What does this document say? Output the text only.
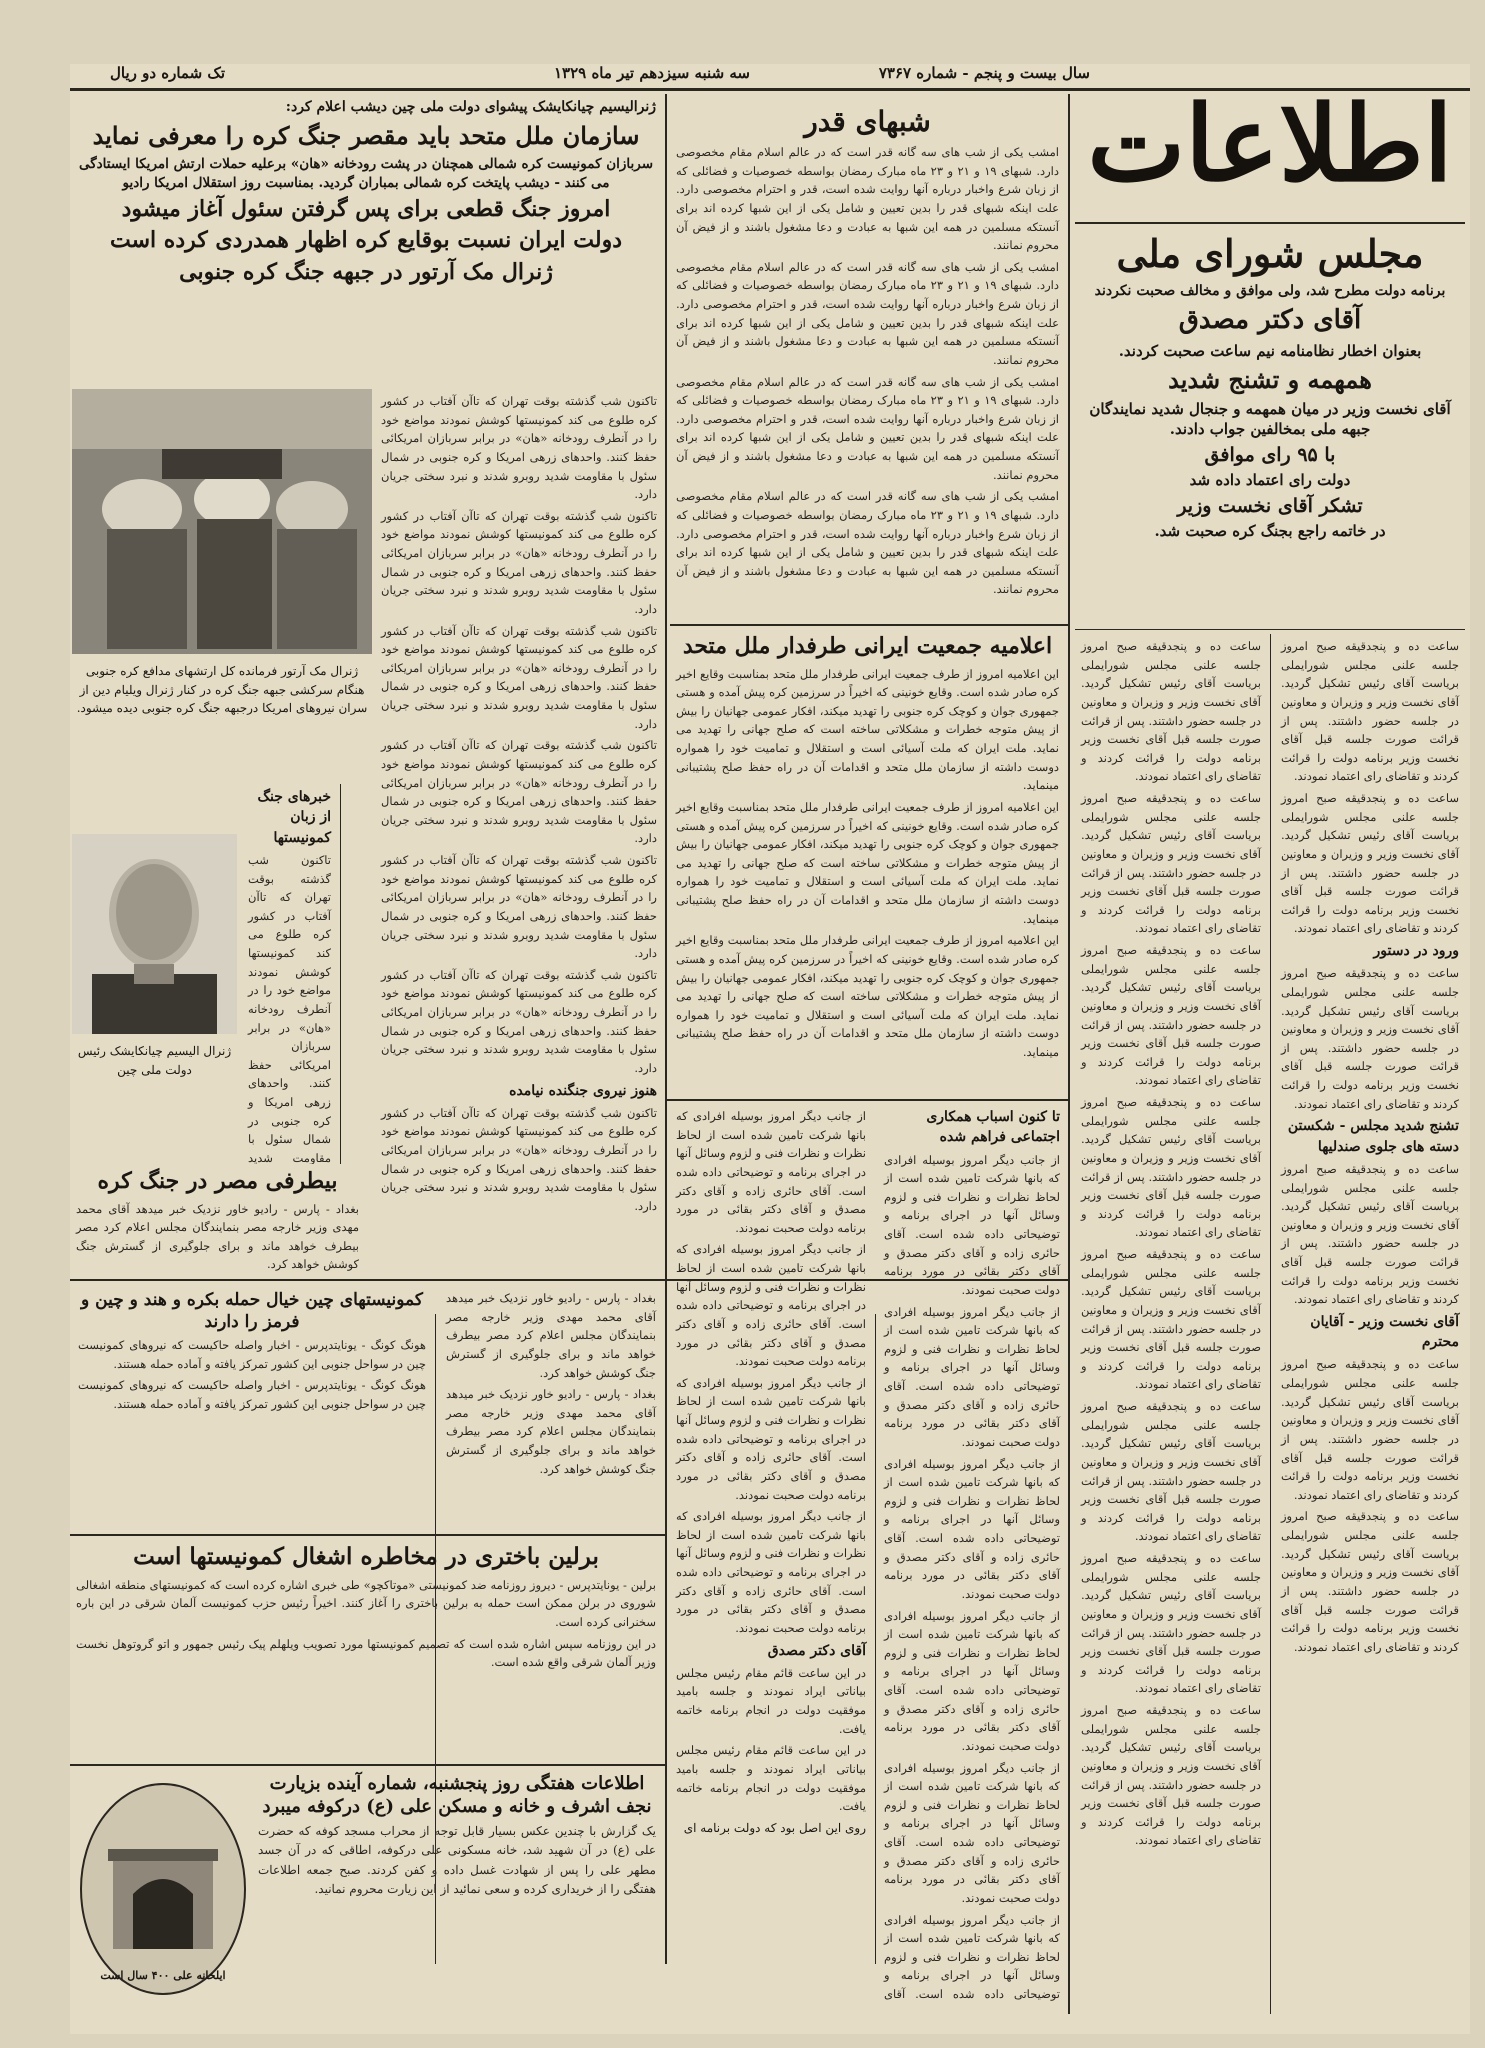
سال بیست و پنجم - شماره ۷۳۶۷
سه شنبه سیزدهم تیر ماه ۱۳۲۹
تک شماره دو ریال
اطلاعات
مجلس شورای ملی
برنامه دولت مطرح شد، ولی موافق و مخالف صحبت نکردند
آقای دکتر مصدق
بعنوان اخطار نظامنامه نیم ساعت صحبت کردند.
همهمه و تشنج شدید
آقای نخست وزیر در میان همهمه و جنجال شدید نمایندگان جبهه ملی بمخالفین جواب دادند.
با ۹۵ رای موافق
دولت رای اعتماد داده شد
تشکر آقای نخست وزیر
در خاتمه راجع بجنگ کره صحبت شد.
ساعت ده و پنجدقیقه صبح امروز جلسه علنی مجلس شورایملی بریاست آقای رئیس تشکیل گردید. آقای نخست وزیر و وزیران و معاونین در جلسه حضور داشتند. پس از قرائت صورت جلسه قبل آقای نخست وزیر برنامه دولت را قرائت کردند و تقاضای رای اعتماد نمودند.
ساعت ده و پنجدقیقه صبح امروز جلسه علنی مجلس شورایملی بریاست آقای رئیس تشکیل گردید. آقای نخست وزیر و وزیران و معاونین در جلسه حضور داشتند. پس از قرائت صورت جلسه قبل آقای نخست وزیر برنامه دولت را قرائت کردند و تقاضای رای اعتماد نمودند.
ورود در دستور
ساعت ده و پنجدقیقه صبح امروز جلسه علنی مجلس شورایملی بریاست آقای رئیس تشکیل گردید. آقای نخست وزیر و وزیران و معاونین در جلسه حضور داشتند. پس از قرائت صورت جلسه قبل آقای نخست وزیر برنامه دولت را قرائت کردند و تقاضای رای اعتماد نمودند.
تشنج شدید مجلس - شکستن دسته های جلوی صندلیها
ساعت ده و پنجدقیقه صبح امروز جلسه علنی مجلس شورایملی بریاست آقای رئیس تشکیل گردید. آقای نخست وزیر و وزیران و معاونین در جلسه حضور داشتند. پس از قرائت صورت جلسه قبل آقای نخست وزیر برنامه دولت را قرائت کردند و تقاضای رای اعتماد نمودند.
آقای نخست وزیر - آقایان محترم
ساعت ده و پنجدقیقه صبح امروز جلسه علنی مجلس شورایملی بریاست آقای رئیس تشکیل گردید. آقای نخست وزیر و وزیران و معاونین در جلسه حضور داشتند. پس از قرائت صورت جلسه قبل آقای نخست وزیر برنامه دولت را قرائت کردند و تقاضای رای اعتماد نمودند.
ساعت ده و پنجدقیقه صبح امروز جلسه علنی مجلس شورایملی بریاست آقای رئیس تشکیل گردید. آقای نخست وزیر و وزیران و معاونین در جلسه حضور داشتند. پس از قرائت صورت جلسه قبل آقای نخست وزیر برنامه دولت را قرائت کردند و تقاضای رای اعتماد نمودند.
ساعت ده و پنجدقیقه صبح امروز جلسه علنی مجلس شورایملی بریاست آقای رئیس تشکیل گردید. آقای نخست وزیر و وزیران و معاونین در جلسه حضور داشتند. پس از قرائت صورت جلسه قبل آقای نخست وزیر برنامه دولت را قرائت کردند و تقاضای رای اعتماد نمودند.
ساعت ده و پنجدقیقه صبح امروز جلسه علنی مجلس شورایملی بریاست آقای رئیس تشکیل گردید. آقای نخست وزیر و وزیران و معاونین در جلسه حضور داشتند. پس از قرائت صورت جلسه قبل آقای نخست وزیر برنامه دولت را قرائت کردند و تقاضای رای اعتماد نمودند.
ساعت ده و پنجدقیقه صبح امروز جلسه علنی مجلس شورایملی بریاست آقای رئیس تشکیل گردید. آقای نخست وزیر و وزیران و معاونین در جلسه حضور داشتند. پس از قرائت صورت جلسه قبل آقای نخست وزیر برنامه دولت را قرائت کردند و تقاضای رای اعتماد نمودند.
ساعت ده و پنجدقیقه صبح امروز جلسه علنی مجلس شورایملی بریاست آقای رئیس تشکیل گردید. آقای نخست وزیر و وزیران و معاونین در جلسه حضور داشتند. پس از قرائت صورت جلسه قبل آقای نخست وزیر برنامه دولت را قرائت کردند و تقاضای رای اعتماد نمودند.
ساعت ده و پنجدقیقه صبح امروز جلسه علنی مجلس شورایملی بریاست آقای رئیس تشکیل گردید. آقای نخست وزیر و وزیران و معاونین در جلسه حضور داشتند. پس از قرائت صورت جلسه قبل آقای نخست وزیر برنامه دولت را قرائت کردند و تقاضای رای اعتماد نمودند.
ساعت ده و پنجدقیقه صبح امروز جلسه علنی مجلس شورایملی بریاست آقای رئیس تشکیل گردید. آقای نخست وزیر و وزیران و معاونین در جلسه حضور داشتند. پس از قرائت صورت جلسه قبل آقای نخست وزیر برنامه دولت را قرائت کردند و تقاضای رای اعتماد نمودند.
ساعت ده و پنجدقیقه صبح امروز جلسه علنی مجلس شورایملی بریاست آقای رئیس تشکیل گردید. آقای نخست وزیر و وزیران و معاونین در جلسه حضور داشتند. پس از قرائت صورت جلسه قبل آقای نخست وزیر برنامه دولت را قرائت کردند و تقاضای رای اعتماد نمودند.
ساعت ده و پنجدقیقه صبح امروز جلسه علنی مجلس شورایملی بریاست آقای رئیس تشکیل گردید. آقای نخست وزیر و وزیران و معاونین در جلسه حضور داشتند. پس از قرائت صورت جلسه قبل آقای نخست وزیر برنامه دولت را قرائت کردند و تقاضای رای اعتماد نمودند.
شبهای قدر
امشب یکی از شب های سه گانه قدر است که در عالم اسلام مقام مخصوصی دارد. شبهای ۱۹ و ۲۱ و ۲۳ ماه مبارک رمضان بواسطه خصوصیات و فضائلی که از زبان شرع واخبار درباره آنها روایت شده است، قدر و احترام مخصوصی دارد. علت اینکه شبهای قدر را بدین تعیین و شامل یکی از این شبها کرده اند برای آنستکه مسلمین در همه این شبها به عبادت و دعا مشغول باشند و از فیض آن محروم نمانند.
امشب یکی از شب های سه گانه قدر است که در عالم اسلام مقام مخصوصی دارد. شبهای ۱۹ و ۲۱ و ۲۳ ماه مبارک رمضان بواسطه خصوصیات و فضائلی که از زبان شرع واخبار درباره آنها روایت شده است، قدر و احترام مخصوصی دارد. علت اینکه شبهای قدر را بدین تعیین و شامل یکی از این شبها کرده اند برای آنستکه مسلمین در همه این شبها به عبادت و دعا مشغول باشند و از فیض آن محروم نمانند.
امشب یکی از شب های سه گانه قدر است که در عالم اسلام مقام مخصوصی دارد. شبهای ۱۹ و ۲۱ و ۲۳ ماه مبارک رمضان بواسطه خصوصیات و فضائلی که از زبان شرع واخبار درباره آنها روایت شده است، قدر و احترام مخصوصی دارد. علت اینکه شبهای قدر را بدین تعیین و شامل یکی از این شبها کرده اند برای آنستکه مسلمین در همه این شبها به عبادت و دعا مشغول باشند و از فیض آن محروم نمانند.
امشب یکی از شب های سه گانه قدر است که در عالم اسلام مقام مخصوصی دارد. شبهای ۱۹ و ۲۱ و ۲۳ ماه مبارک رمضان بواسطه خصوصیات و فضائلی که از زبان شرع واخبار درباره آنها روایت شده است، قدر و احترام مخصوصی دارد. علت اینکه شبهای قدر را بدین تعیین و شامل یکی از این شبها کرده اند برای آنستکه مسلمین در همه این شبها به عبادت و دعا مشغول باشند و از فیض آن محروم نمانند.
اعلامیه جمعیت ایرانی طرفدار ملل متحد
این اعلامیه امروز از طرف جمعیت ایرانی طرفدار ملل متحد بمناسبت وقایع اخیر کره صادر شده است. وقایع خونینی که اخیراً در سرزمین کره پیش آمده و هستی جمهوری جوان و کوچک کره جنوبی را تهدید میکند، افکار عمومی جهانیان را بیش از پیش متوجه خطرات و مشکلاتی ساخته است که صلح جهانی را تهدید می نماید. ملت ایران که ملت آسیائی است و استقلال و تمامیت خود را همواره دوست داشته از سازمان ملل متحد و اقدامات آن در راه حفظ صلح پشتیبانی مینماید.
این اعلامیه امروز از طرف جمعیت ایرانی طرفدار ملل متحد بمناسبت وقایع اخیر کره صادر شده است. وقایع خونینی که اخیراً در سرزمین کره پیش آمده و هستی جمهوری جوان و کوچک کره جنوبی را تهدید میکند، افکار عمومی جهانیان را بیش از پیش متوجه خطرات و مشکلاتی ساخته است که صلح جهانی را تهدید می نماید. ملت ایران که ملت آسیائی است و استقلال و تمامیت خود را همواره دوست داشته از سازمان ملل متحد و اقدامات آن در راه حفظ صلح پشتیبانی مینماید.
این اعلامیه امروز از طرف جمعیت ایرانی طرفدار ملل متحد بمناسبت وقایع اخیر کره صادر شده است. وقایع خونینی که اخیراً در سرزمین کره پیش آمده و هستی جمهوری جوان و کوچک کره جنوبی را تهدید میکند، افکار عمومی جهانیان را بیش از پیش متوجه خطرات و مشکلاتی ساخته است که صلح جهانی را تهدید می نماید. ملت ایران که ملت آسیائی است و استقلال و تمامیت خود را همواره دوست داشته از سازمان ملل متحد و اقدامات آن در راه حفظ صلح پشتیبانی مینماید.
تا کنون اسباب همکاری اجتماعی فراهم شده
از جانب دیگر امروز بوسیله افرادی که بانها شرکت تامین شده است از لحاظ نظرات و نظرات فنی و لزوم وسائل آنها در اجرای برنامه و توضیحاتی داده شده است. آقای حائری زاده و آقای دکتر مصدق و آقای دکتر بقائی در مورد برنامه دولت صحبت نمودند.
از جانب دیگر امروز بوسیله افرادی که بانها شرکت تامین شده است از لحاظ نظرات و نظرات فنی و لزوم وسائل آنها در اجرای برنامه و توضیحاتی داده شده است. آقای حائری زاده و آقای دکتر مصدق و آقای دکتر بقائی در مورد برنامه دولت صحبت نمودند.
از جانب دیگر امروز بوسیله افرادی که بانها شرکت تامین شده است از لحاظ نظرات و نظرات فنی و لزوم وسائل آنها در اجرای برنامه و توضیحاتی داده شده است. آقای حائری زاده و آقای دکتر مصدق و آقای دکتر بقائی در مورد برنامه دولت صحبت نمودند.
از جانب دیگر امروز بوسیله افرادی که بانها شرکت تامین شده است از لحاظ نظرات و نظرات فنی و لزوم وسائل آنها در اجرای برنامه و توضیحاتی داده شده است. آقای حائری زاده و آقای دکتر مصدق و آقای دکتر بقائی در مورد برنامه دولت صحبت نمودند.
از جانب دیگر امروز بوسیله افرادی که بانها شرکت تامین شده است از لحاظ نظرات و نظرات فنی و لزوم وسائل آنها در اجرای برنامه و توضیحاتی داده شده است. آقای حائری زاده و آقای دکتر مصدق و آقای دکتر بقائی در مورد برنامه دولت صحبت نمودند.
از جانب دیگر امروز بوسیله افرادی که بانها شرکت تامین شده است از لحاظ نظرات و نظرات فنی و لزوم وسائل آنها در اجرای برنامه و توضیحاتی داده شده است. آقای
از جانب دیگر امروز بوسیله افرادی که بانها شرکت تامین شده است از لحاظ نظرات و نظرات فنی و لزوم وسائل آنها در اجرای برنامه و توضیحاتی داده شده است. آقای حائری زاده و آقای دکتر مصدق و آقای دکتر بقائی در مورد برنامه دولت صحبت نمودند.
از جانب دیگر امروز بوسیله افرادی که بانها شرکت تامین شده است از لحاظ نظرات و نظرات فنی و لزوم وسائل آنها در اجرای برنامه و توضیحاتی داده شده است. آقای حائری زاده و آقای دکتر مصدق و آقای دکتر بقائی در مورد برنامه دولت صحبت نمودند.
از جانب دیگر امروز بوسیله افرادی که بانها شرکت تامین شده است از لحاظ نظرات و نظرات فنی و لزوم وسائل آنها در اجرای برنامه و توضیحاتی داده شده است. آقای حائری زاده و آقای دکتر مصدق و آقای دکتر بقائی در مورد برنامه دولت صحبت نمودند.
از جانب دیگر امروز بوسیله افرادی که بانها شرکت تامین شده است از لحاظ نظرات و نظرات فنی و لزوم وسائل آنها در اجرای برنامه و توضیحاتی داده شده است. آقای حائری زاده و آقای دکتر مصدق و آقای دکتر بقائی در مورد برنامه دولت صحبت نمودند.
آقای دکتر مصدق
در این ساعت قائم مقام رئیس مجلس بیاناتی ایراد نمودند و جلسه بامید موفقیت دولت در انجام برنامه خاتمه یافت.
در این ساعت قائم مقام رئیس مجلس بیاناتی ایراد نمودند و جلسه بامید موفقیت دولت در انجام برنامه خاتمه یافت.
روی این اصل بود که دولت برنامه ای
ژنرالیسیم چیانکایشک پیشوای دولت ملی چین دیشب اعلام کرد:
سازمان ملل متحد باید مقصر جنگ کره را معرفی نماید
سربازان کمونیست کره شمالی همچنان در پشت رودخانه «هان» برعلیه حملات ارتش امریکا ایستادگی می کنند - دیشب پایتخت کره شمالی بمباران گردید. بمناسبت روز استقلال امریکا رادیو
امروز جنگ قطعی برای پس گرفتن سئول آغاز میشود
دولت ایران نسبت بوقایع کره اظهار همدردی کرده است
ژنرال مک آرتور در جبهه جنگ کره جنوبی
تاکنون شب گذشته بوقت تهران که تاآن آفتاب در کشور کره طلوع می کند کمونیستها کوشش نمودند مواضع خود را در آنطرف رودخانه «هان» در برابر سربازان امریکائی حفظ کنند. واحدهای زرهی امریکا و کره جنوبی در شمال سئول با مقاومت شدید روبرو شدند و نبرد سختی جریان دارد.
تاکنون شب گذشته بوقت تهران که تاآن آفتاب در کشور کره طلوع می کند کمونیستها کوشش نمودند مواضع خود را در آنطرف رودخانه «هان» در برابر سربازان امریکائی حفظ کنند. واحدهای زرهی امریکا و کره جنوبی در شمال سئول با مقاومت شدید روبرو شدند و نبرد سختی جریان دارد.
تاکنون شب گذشته بوقت تهران که تاآن آفتاب در کشور کره طلوع می کند کمونیستها کوشش نمودند مواضع خود را در آنطرف رودخانه «هان» در برابر سربازان امریکائی حفظ کنند. واحدهای زرهی امریکا و کره جنوبی در شمال سئول با مقاومت شدید روبرو شدند و نبرد سختی جریان دارد.
تاکنون شب گذشته بوقت تهران که تاآن آفتاب در کشور کره طلوع می کند کمونیستها کوشش نمودند مواضع خود را در آنطرف رودخانه «هان» در برابر سربازان امریکائی حفظ کنند. واحدهای زرهی امریکا و کره جنوبی در شمال سئول با مقاومت شدید روبرو شدند و نبرد سختی جریان دارد.
تاکنون شب گذشته بوقت تهران که تاآن آفتاب در کشور کره طلوع می کند کمونیستها کوشش نمودند مواضع خود را در آنطرف رودخانه «هان» در برابر سربازان امریکائی حفظ کنند. واحدهای زرهی امریکا و کره جنوبی در شمال سئول با مقاومت شدید روبرو شدند و نبرد سختی جریان دارد.
تاکنون شب گذشته بوقت تهران که تاآن آفتاب در کشور کره طلوع می کند کمونیستها کوشش نمودند مواضع خود را در آنطرف رودخانه «هان» در برابر سربازان امریکائی حفظ کنند. واحدهای زرهی امریکا و کره جنوبی در شمال سئول با مقاومت شدید روبرو شدند و نبرد سختی جریان دارد.
هنوز نیروی جنگنده نیامده
تاکنون شب گذشته بوقت تهران که تاآن آفتاب در کشور کره طلوع می کند کمونیستها کوشش نمودند مواضع خود را در آنطرف رودخانه «هان» در برابر سربازان امریکائی حفظ کنند. واحدهای زرهی امریکا و کره جنوبی در شمال سئول با مقاومت شدید روبرو شدند و نبرد سختی جریان دارد.
ژنرال مک آرتور فرمانده کل ارتشهای مدافع کره جنوبی هنگام سرکشی جبهه جنگ کره در کنار ژنرال ویلیام دین از سران نیروهای امریکا درجبهه جنگ کره جنوبی دیده میشود.
ژنرال الیسیم چیانکایشک رئیس دولت ملی چین
خبرهای جنگ از زبان کمونیستها
تاکنون شب گذشته بوقت تهران که تاآن آفتاب در کشور کره طلوع می کند کمونیستها کوشش نمودند مواضع خود را در آنطرف رودخانه «هان» در برابر سربازان امریکائی حفظ کنند. واحدهای زرهی امریکا و کره جنوبی در شمال سئول با مقاومت شدید
بیطرفی مصر در جنگ کره
بغداد - پارس - رادیو خاور نزدیک خبر میدهد آقای محمد مهدی وزیر خارجه مصر بنمایندگان مجلس اعلام کرد مصر بیطرف خواهد ماند و برای جلوگیری از گسترش جنگ کوشش خواهد کرد.
بغداد - پارس - رادیو خاور نزدیک خبر میدهد آقای محمد مهدی وزیر خارجه مصر بنمایندگان مجلس اعلام کرد مصر بیطرف خواهد ماند و برای جلوگیری از گسترش جنگ کوشش خواهد کرد.
بغداد - پارس - رادیو خاور نزدیک خبر میدهد آقای محمد مهدی وزیر خارجه مصر بنمایندگان مجلس اعلام کرد مصر بیطرف خواهد ماند و برای جلوگیری از گسترش جنگ کوشش خواهد کرد.
کمونیستهای چین خیال حمله بکره و هند و چین و فرمز را دارند
هونگ کونگ - یونایتدپرس - اخبار واصله حاکیست که نیروهای کمونیست چین در سواحل جنوبی این کشور تمرکز یافته و آماده حمله هستند.
هونگ کونگ - یونایتدپرس - اخبار واصله حاکیست که نیروهای کمونیست چین در سواحل جنوبی این کشور تمرکز یافته و آماده حمله هستند.
برلین باختری در مخاطره اشغال کمونیستها است
برلین - یونایتدپرس - دیروز روزنامه ضد کمونیستی «موتاکچو» طی خبری اشاره کرده است که کمونیستهای منطقه اشغالی شوروی در برلن ممکن است حمله به برلین باختری را آغاز کنند. اخیراً رئیس حزب کمونیست آلمان شرقی در این باره سخنرانی کرده است.
در این روزنامه سپس اشاره شده است که تصمیم کمونیستها مورد تصویب ویلهلم پیک رئیس جمهور و اتو گروتوهل نخست وزیر آلمان شرقی واقع شده است.
اطلاعات هفتگی روز پنجشنبه، شماره آینده بزیارت نجف اشرف و خانه و مسکن علی (ع) درکوفه میبرد
یک گزارش با چندین عکس بسیار قابل توجه از محراب مسجد کوفه که حضرت علی (ع) در آن شهید شد، خانه مسکونی علی درکوفه، اطاقی که در آن جسد مطهر علی را پس از شهادت غسل داده و کفن کردند. صبح جمعه اطلاعات هفتگی را از خریداری کرده و سعی نمائید از این زیارت محروم نمانید.
ایلخانه علی ۴۰۰ سال است
